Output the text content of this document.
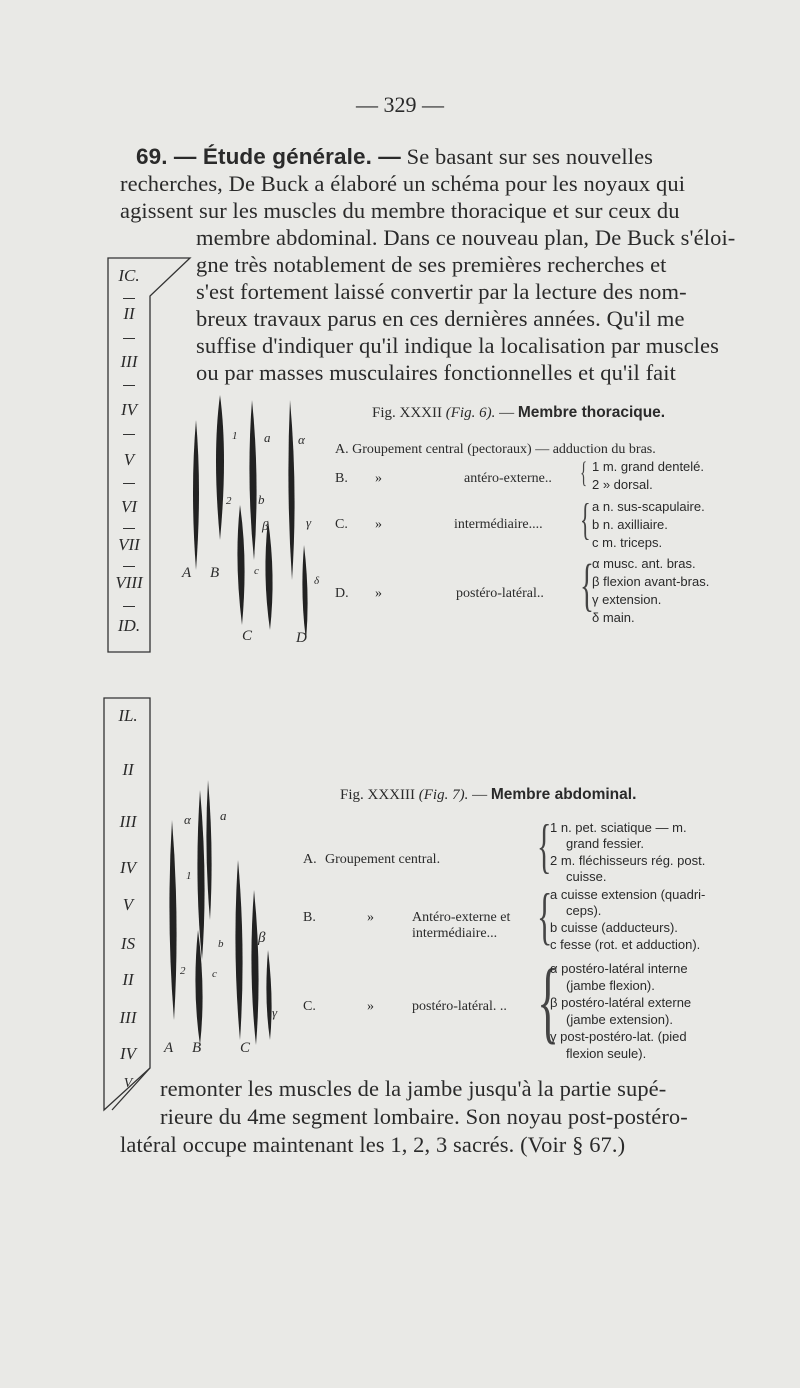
— 329 —

69. — Étude générale. — Se basant sur ses nouvelles

recherches, De Buck a élaboré un schéma pour les noyaux qui

agissent sur les muscles du membre thoracique et sur ceux du

membre abdominal. Dans ce nouveau plan, De Buck s'éloi-

gne très notablement de ses premières recherches et

s'est fortement laissé convertir par la lecture des nom-

breux travaux parus en ces dernières années. Qu'il me

suffise d'indiquer qu'il indique la localisation par muscles

ou par masses musculaires fonctionnelles et qu'il fait

IC.
II
III
IV
V
VI
VII
VIII
ID.
A B
C	D
1
2
a
b
c
α
β	γ
δ

Fig. XXXII (Fig. 6). — Membre thoracique.

A. Groupement central (pectoraux) — adduction du bras.

B. »	antéro-externe.. { 1 m. grand dentelé.

2 » dorsal.

C. »	intermédiaire.... { a n. sus-scapulaire.

b n. axilliaire.

c m. triceps.

D. »	postéro-latéral.. {

α musc. ant. bras.

β flexion avant-bras.

γ extension.

δ main.

IL.
II
III
IV
V
IS
II
III
IV
V
A B	C
1
2
α a
b
c
β
γ

Fig. XXXIII (Fig. 7). — Membre abdominal.

A. Groupement central. {

1 n. pet. sciatique — m.

grand fessier.

2 m. fléchisseurs rég. post.

cuisse.

B.	»	Antéro-externe et

intermédiaire... {

a cuisse extension (quadri-

ceps).

b cuisse (adducteurs).

c fesse (rot. et adduction).

C.	»	postéro-latéral. .. {

α postéro-latéral interne

(jambe flexion).

β postéro-latéral externe

(jambe extension).

γ post-postéro-lat. (pied

flexion seule).

remonter les muscles de la jambe jusqu'à la partie supé-

rieure du 4me segment lombaire. Son noyau post-postéro-

latéral occupe maintenant les 1, 2, 3 sacrés. (Voir § 67.)
